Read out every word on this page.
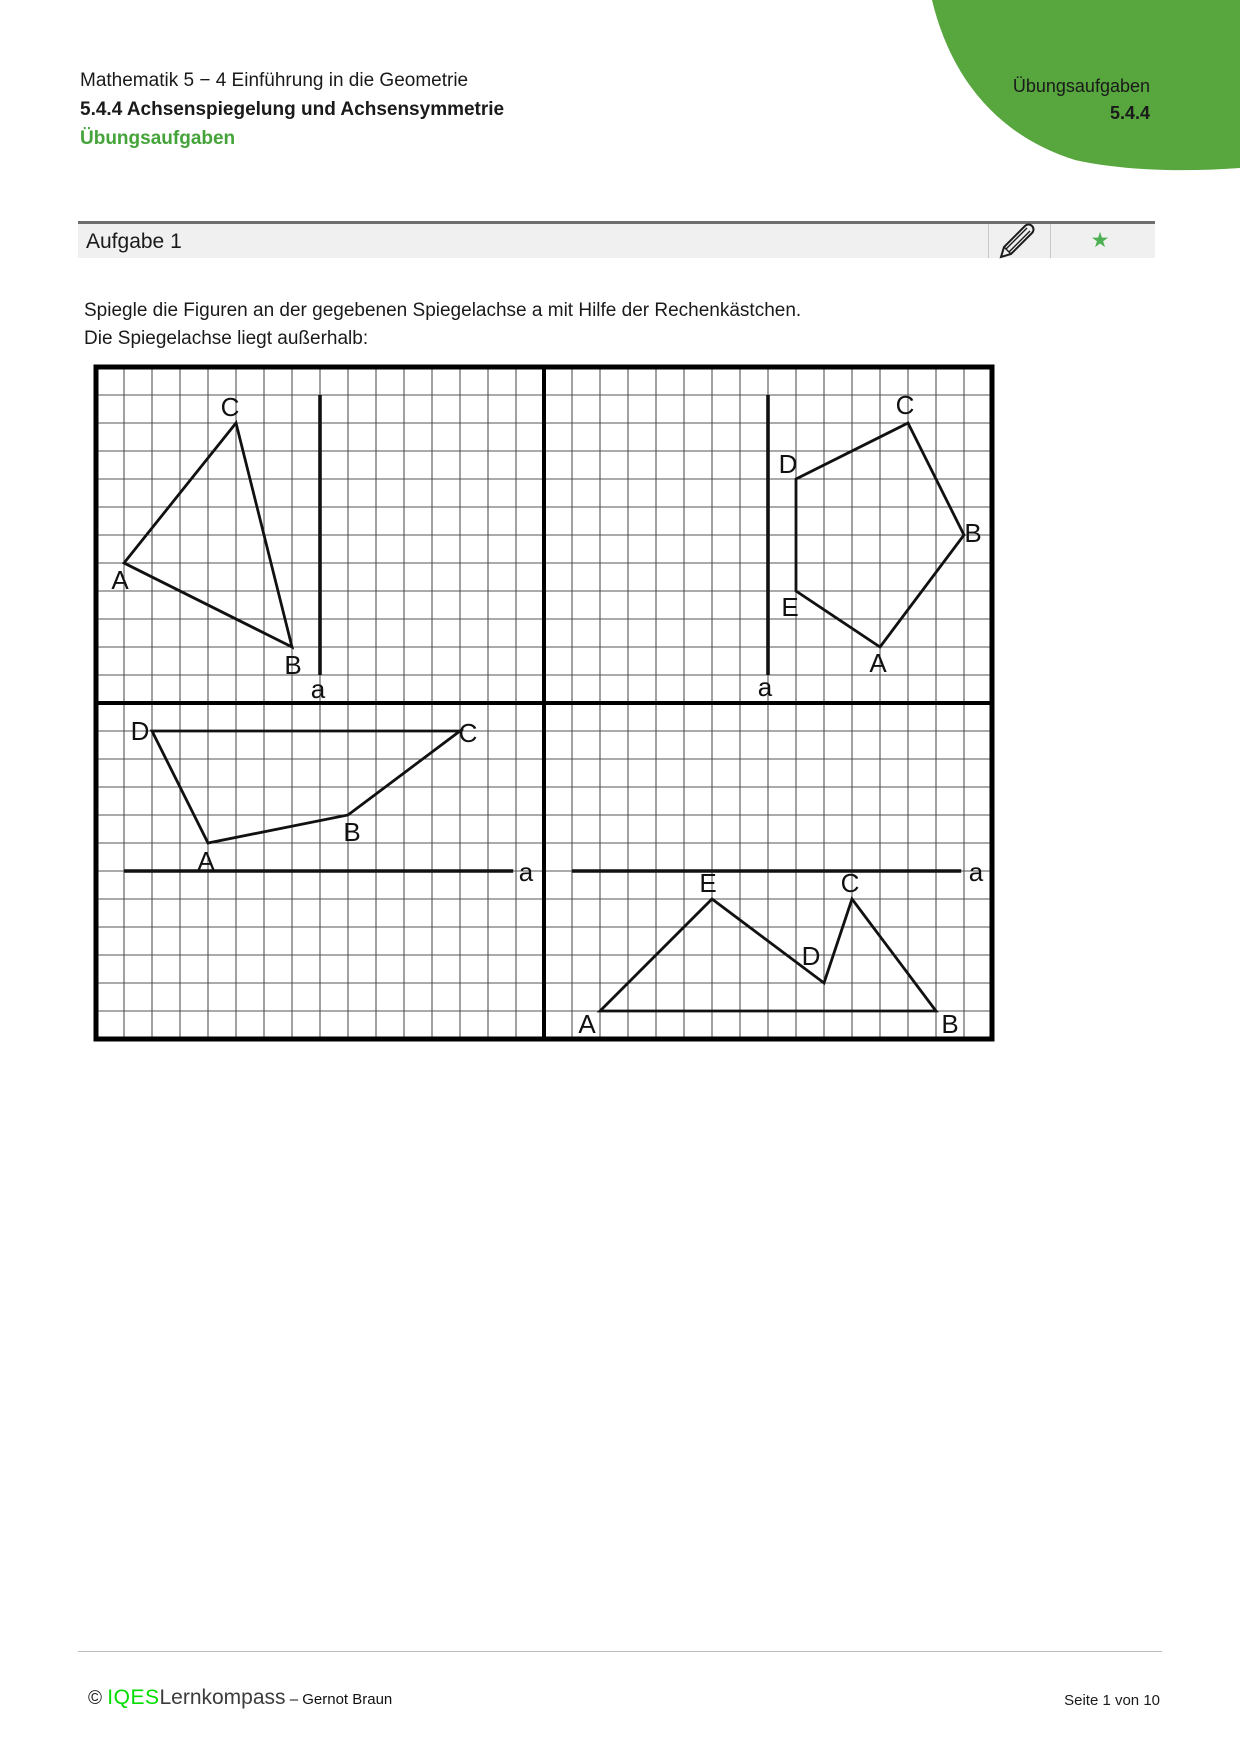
Übungsaufgaben
5.4.4
Mathematik 5 − 4 Einführung in die Geometrie
5.4.4 Achsenspiegelung und Achsensymmetrie
Übungsaufgaben
Aufgabe 1	★
Spiegle die Figuren an der gegebenen Spiegelachse a mit Hilfe der Rechenkästchen.
Die Spiegelachse liegt außerhalb:
a
A
B
C
a
A
B
C
D
E
a
A
B
C
D
a
A	B
C
D
E
© IQES Lernkompass – Gernot Braun	Seite 1 von 10
